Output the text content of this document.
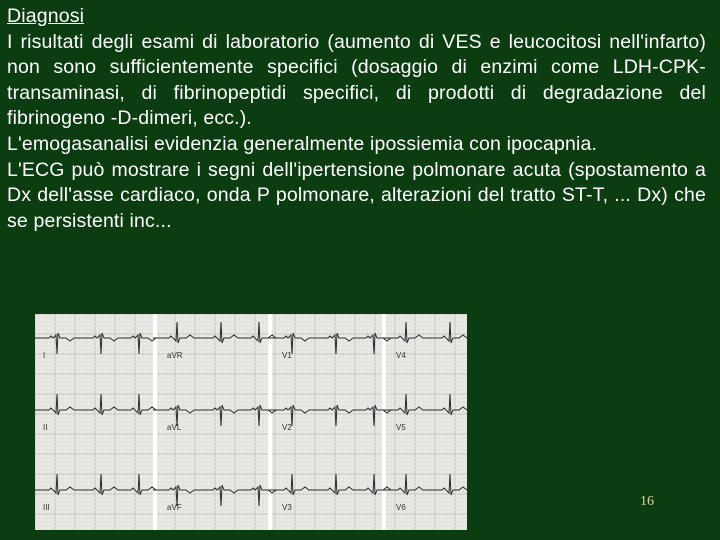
Diagnosi
I risultati degli esami di laboratorio (aumento di VES e leucocitosi nell'infarto) non sono sufficientemente specifici (dosaggio di enzimi come LDH-CPK-transaminasi, di fibrinopeptidi specifici, di prodotti di degradazione del fibrinogeno -D-dimeri, ecc.).
L'emogasanalisi evidenzia generalmente ipossiemia con ipocapnia.
L'ECG può mostrare i segni dell'ipertensione polmonare acuta (spostamento a Dx dell'asse cardiaco, onda P polmonare, alterazioni del tratto ST-T, ... Dx) che se persistenti inc...
I	aVR	V1	V4
II	aVL	V2	V5
III	aVF	V3	V6	16
